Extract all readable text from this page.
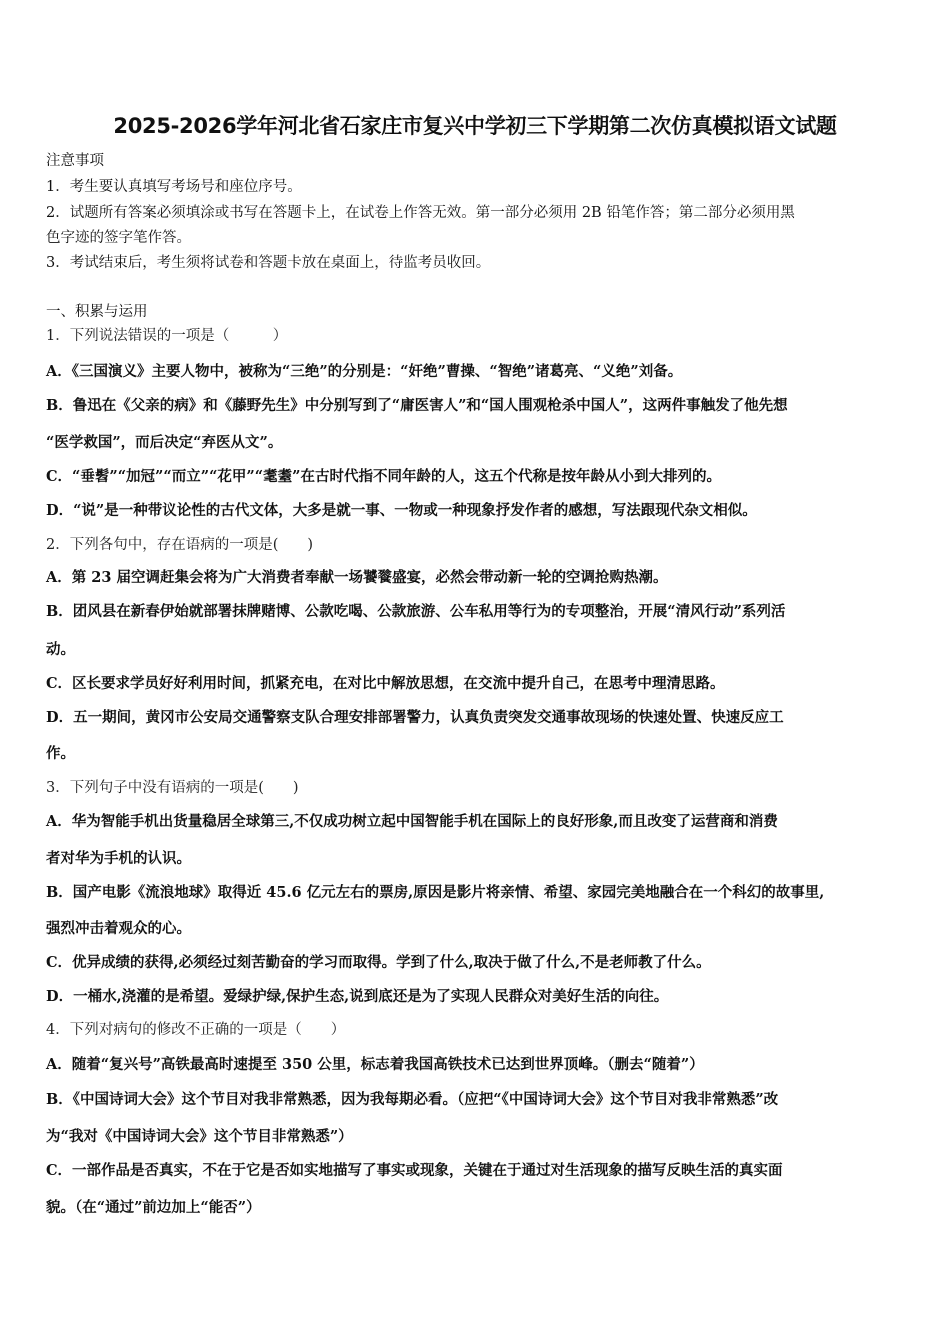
2025-2026学年河北省石家庄市复兴中学初三下学期第二次仿真模拟语文试题
注意事项
1．考生要认真填写考场号和座位序号。
2．试题所有答案必须填涂或书写在答题卡上，在试卷上作答无效。第一部分必须用 2B 铅笔作答；第二部分必须用黑
色字迹的签字笔作答。
3．考试结束后，考生须将试卷和答题卡放在桌面上，待监考员收回。
一、积累与运用
1．下列说法错误的一项是（　　　）
A．《三国演义》主要人物中，被称为“三绝”的分别是：“奸绝”曹操、“智绝”诸葛亮、“义绝”刘备。
B．鲁迅在《父亲的病》和《藤野先生》中分别写到了“庸医害人”和“国人围观枪杀中国人”，这两件事触发了他先想
“医学救国”，而后决定“弃医从文”。
C．“垂髫”“加冠”“而立”“花甲”“耄耋”在古时代指不同年龄的人，这五个代称是按年龄从小到大排列的。
D．“说”是一种带议论性的古代文体，大多是就一事、一物或一种现象抒发作者的感想，写法跟现代杂文相似。
2．下列各句中，存在语病的一项是(　　)
A．第 23 届空调赶集会将为广大消费者奉献一场饕餮盛宴，必然会带动新一轮的空调抢购热潮。
B．团风县在新春伊始就部署抹牌赌博、公款吃喝、公款旅游、公车私用等行为的专项整治，开展“清风行动”系列活
动。
C．区长要求学员好好利用时间，抓紧充电，在对比中解放思想，在交流中提升自己，在思考中理清思路。
D．五一期间，黄冈市公安局交通警察支队合理安排部署警力，认真负责突发交通事故现场的快速处置、快速反应工
作。
3．下列句子中没有语病的一项是(　　)
A．华为智能手机出货量稳居全球第三,不仅成功树立起中国智能手机在国际上的良好形象,而且改变了运营商和消费
者对华为手机的认识。
B．国产电影《流浪地球》取得近 45.6 亿元左右的票房,原因是影片将亲情、希望、家园完美地融合在一个科幻的故事里,
强烈冲击着观众的心。
C．优异成绩的获得,必须经过刻苦勤奋的学习而取得。学到了什么,取决于做了什么,不是老师教了什么。
D．一桶水,浇灌的是希望。爱绿护绿,保护生态,说到底还是为了实现人民群众对美好生活的向往。
4．下列对病句的修改不正确的一项是（　　）
A．随着“复兴号”高铁最高时速提至 350 公里，标志着我国高铁技术已达到世界顶峰。（删去“随着”）
B．《中国诗词大会》这个节目对我非常熟悉，因为我每期必看。（应把“《中国诗词大会》这个节目对我非常熟悉”改
为“我对《中国诗词大会》这个节目非常熟悉”）
C．一部作品是否真实，不在于它是否如实地描写了事实或现象，关键在于通过对生活现象的描写反映生活的真实面
貌。（在“通过”前边加上“能否”）
